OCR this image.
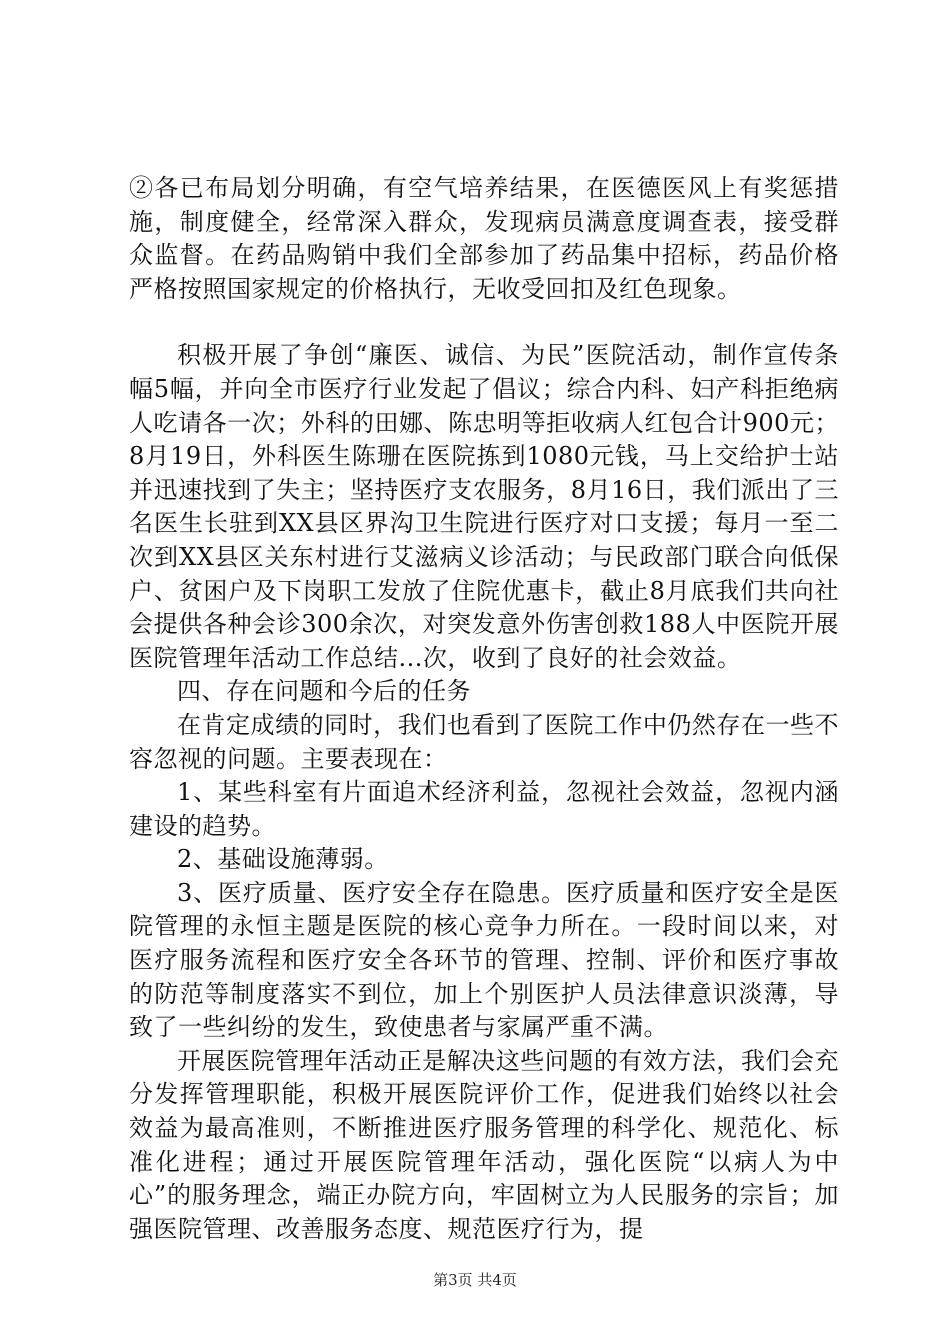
②各已布局划分明确，有空气培养结果，在医德医风上有奖惩措施，制度健全，经常深入群众，发现病员满意度调查表，接受群众监督。在药品购销中我们全部参加了药品集中招标，药品价格严格按照国家规定的价格执行，无收受回扣及红色现象。

积极开展了争创“廉医、诚信、为民”医院活动，制作宣传条幅5幅，并向全市医疗行业发起了倡议；综合内科、妇产科拒绝病人吃请各一次；外科的田娜、陈忠明等拒收病人红包合计900元；8月19日，外科医生陈珊在医院拣到1080元钱，马上交给护士站并迅速找到了失主；坚持医疗支农服务，8月16日，我们派出了三名医生长驻到XX县区界沟卫生院进行医疗对口支援；每月一至二次到XX县区关东村进行艾滋病义诊活动；与民政部门联合向低保户、贫困户及下岗职工发放了住院优惠卡，截止8月底我们共向社会提供各种会诊300余次，对突发意外伤害创救188人中医院开展医院管理年活动工作总结...次，收到了良好的社会效益。

四、存在问题和今后的任务

在肯定成绩的同时，我们也看到了医院工作中仍然存在一些不容忽视的问题。主要表现在：

1、某些科室有片面追术经济利益，忽视社会效益，忽视内涵建设的趋势。

2、基础设施薄弱。

3、医疗质量、医疗安全存在隐患。医疗质量和医疗安全是医院管理的永恒主题是医院的核心竞争力所在。一段时间以来，对医疗服务流程和医疗安全各环节的管理、控制、评价和医疗事故的防范等制度落实不到位，加上个别医护人员法律意识淡薄，导致了一些纠纷的发生，致使患者与家属严重不满。

开展医院管理年活动正是解决这些问题的有效方法，我们会充分发挥管理职能，积极开展医院评价工作，促进我们始终以社会效益为最高准则，不断推进医疗服务管理的科学化、规范化、标准化进程；通过开展医院管理年活动，强化医院“以病人为中心”的服务理念，端正办院方向，牢固树立为人民服务的宗旨；加强医院管理、改善服务态度、规范医疗行为，提

第3页 共4页
